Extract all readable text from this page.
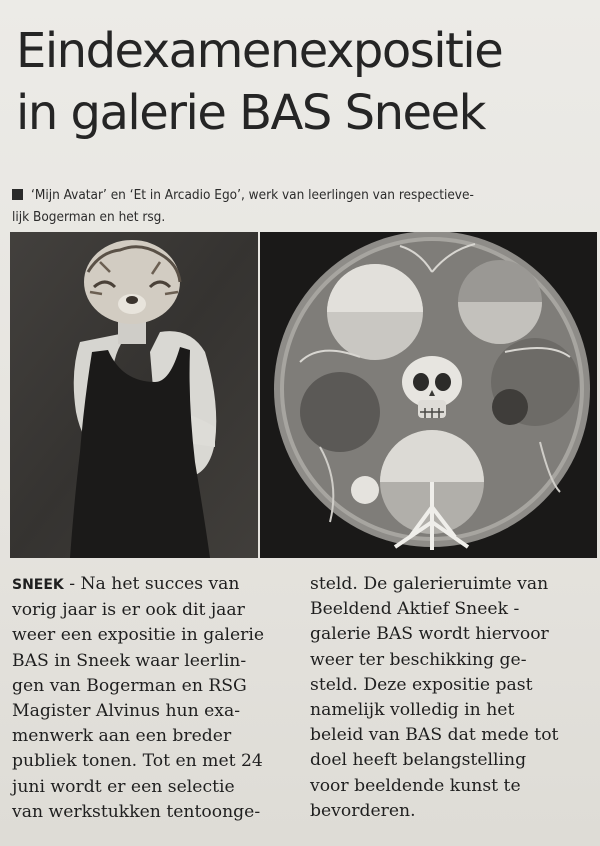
Eindexamenexpositie
in galerie BAS Sneek
‘Mijn Avatar’ en ‘Et in Arcadio Ego’, werk van leerlingen van respectieve-
lijk Bogerman en het rsg.
SNEEK - Na het succes van
vorig jaar is er ook dit jaar
weer een expositie in galerie
BAS in Sneek waar leerlin-
gen van Bogerman en RSG
Magister Alvinus hun exa-
menwerk aan een breder
publiek tonen. Tot en met 24
juni wordt er een selectie
van werkstukken tentoonge-
steld. De galerieruimte van
Beeldend Aktief Sneek -
galerie BAS wordt hiervoor
weer ter beschikking ge-
steld. Deze expositie past
namelijk volledig in het
beleid van BAS dat mede tot
doel heeft belangstelling
voor beeldende kunst te
bevorderen.
